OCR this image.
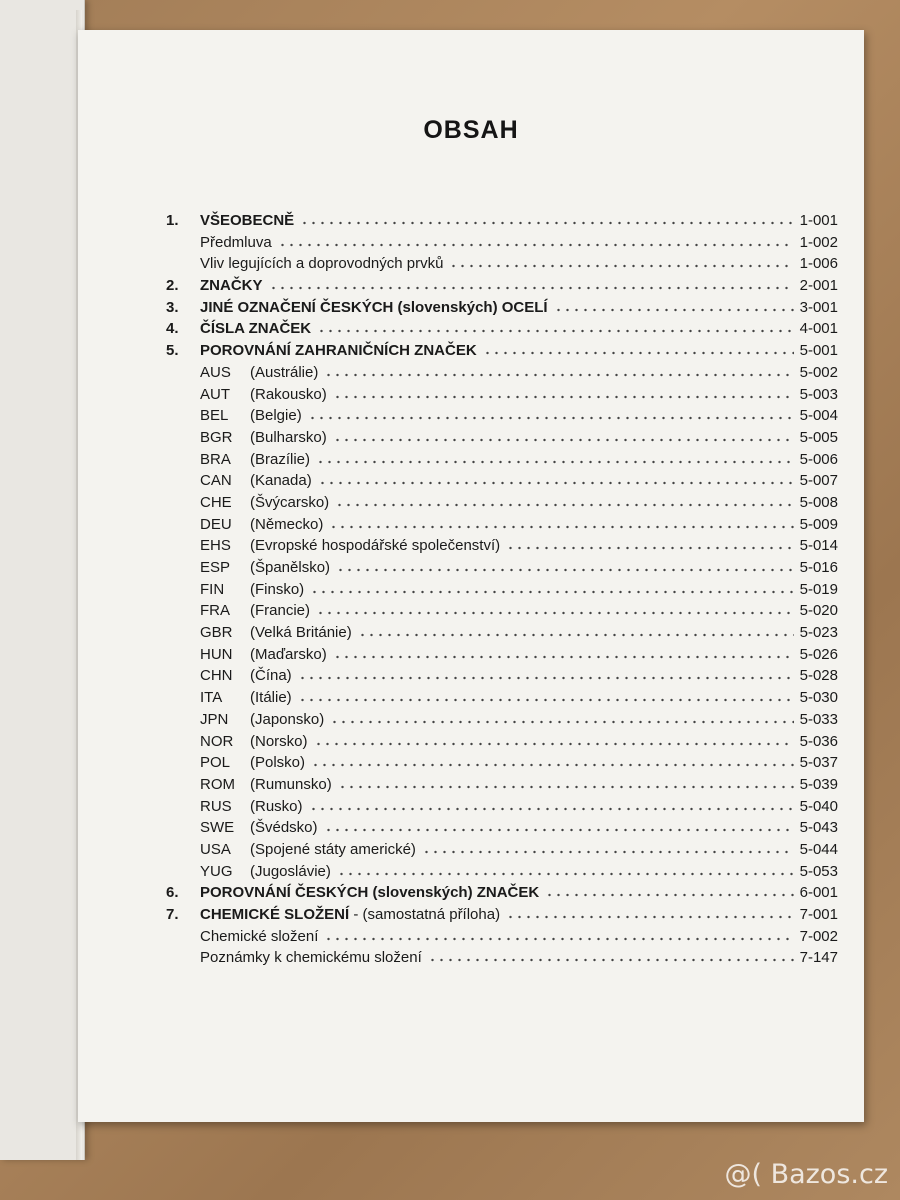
OBSAH
1. VŠEOBECNĚ	1-001
Předmluva	1-002
Vliv legujících a doprovodných prvků	1-006
2. ZNAČKY	2-001
3. JINÉ OZNAČENÍ ČESKÝCH (slovenských) OCELÍ	3-001
4. ČÍSLA ZNAČEK	4-001
5. POROVNÁNÍ ZAHRANIČNÍCH ZNAČEK	5-001
AUS (Austrálie)	5-002
AUT (Rakousko)	5-003
BEL (Belgie)	5-004
BGR (Bulharsko)	5-005
BRA (Brazílie)	5-006
CAN (Kanada)	5-007
CHE (Švýcarsko)	5-008
DEU (Německo)	5-009
EHS (Evropské hospodářské společenství)	5-014
ESP (Španělsko)	5-016
FIN (Finsko)	5-019
FRA (Francie)	5-020
GBR (Velká Británie)	5-023
HUN (Maďarsko)	5-026
CHN (Čína)	5-028
ITA (Itálie)	5-030
JPN (Japonsko)	5-033
NOR (Norsko)	5-036
POL (Polsko)	5-037
ROM (Rumunsko)	5-039
RUS (Rusko)	5-040
SWE (Švédsko)	5-043
USA (Spojené státy americké)	5-044
YUG (Jugoslávie)	5-053
6. POROVNÁNÍ ČESKÝCH (slovenských) ZNAČEK	6-001
7. CHEMICKÉ SLOŽENÍ - (samostatná příloha)	7-001
Chemické složení	7-002
Poznámky k chemickému složení	7-147
@( Bazos.cz
